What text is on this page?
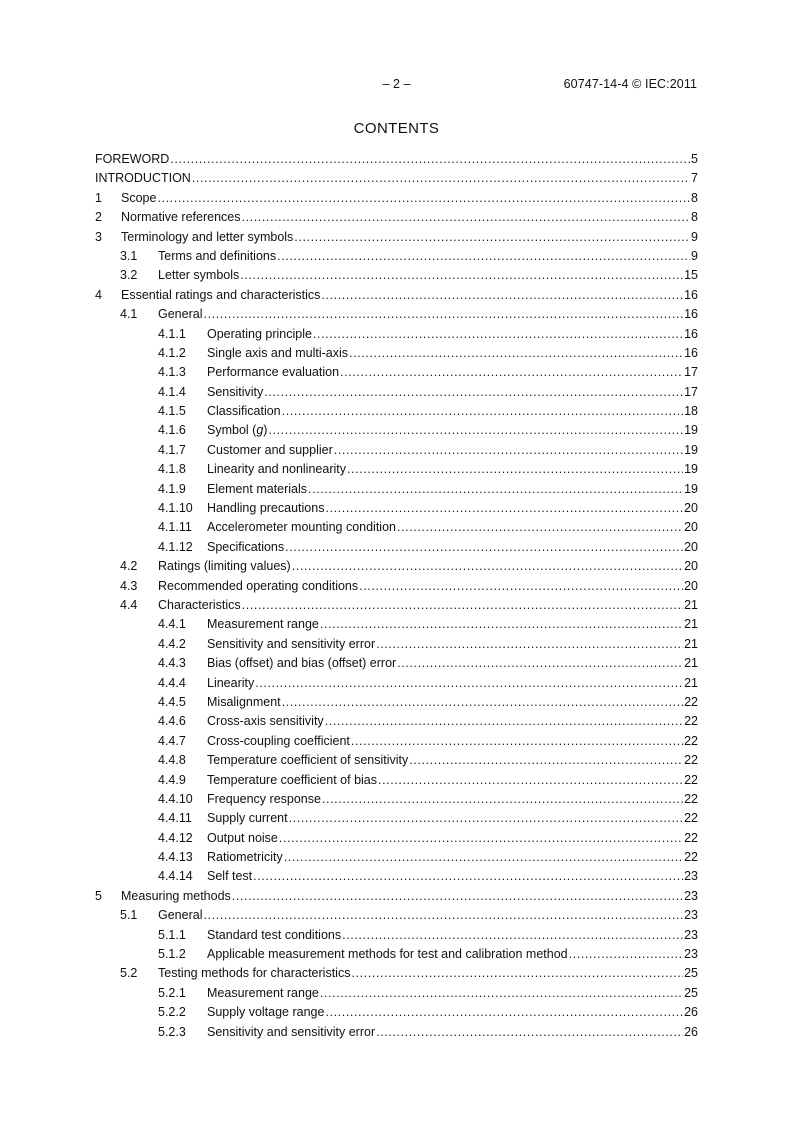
– 2 –	60747-14-4 © IEC:2011
CONTENTS
FOREWORD .....	5
INTRODUCTION .....	7
1	Scope .....	8
2	Normative references .....	8
3	Terminology and letter symbols .....	9
3.1	Terms and definitions .....	9
3.2	Letter symbols .....	15
4	Essential ratings and characteristics .....	16
4.1	General .....	16
4.1.1	Operating principle .....	16
4.1.2	Single axis and multi-axis .....	16
4.1.3	Performance evaluation .....	17
4.1.4	Sensitivity .....	17
4.1.5	Classification .....	18
4.1.6	Symbol (g) .....	19
4.1.7	Customer and supplier .....	19
4.1.8	Linearity and nonlinearity .....	19
4.1.9	Element materials .....	19
4.1.10	Handling precautions .....	20
4.1.11	Accelerometer mounting condition .....	20
4.1.12	Specifications .....	20
4.2	Ratings (limiting values) .....	20
4.3	Recommended operating conditions .....	20
4.4	Characteristics .....	21
4.4.1	Measurement range .....	21
4.4.2	Sensitivity and sensitivity error .....	21
4.4.3	Bias (offset) and bias (offset) error .....	21
4.4.4	Linearity .....	21
4.4.5	Misalignment .....	22
4.4.6	Cross-axis sensitivity .....	22
4.4.7	Cross-coupling coefficient .....	22
4.4.8	Temperature coefficient of sensitivity .....	22
4.4.9	Temperature coefficient of bias .....	22
4.4.10	Frequency response .....	22
4.4.11	Supply current .....	22
4.4.12	Output noise .....	22
4.4.13	Ratiometricity .....	22
4.4.14	Self test .....	23
5	Measuring methods .....	23
5.1	General .....	23
5.1.1	Standard test conditions .....	23
5.1.2	Applicable measurement methods for test and calibration method .....	23
5.2	Testing methods for characteristics .....	25
5.2.1	Measurement range .....	25
5.2.2	Supply voltage range .....	26
5.2.3	Sensitivity and sensitivity error .....	26
